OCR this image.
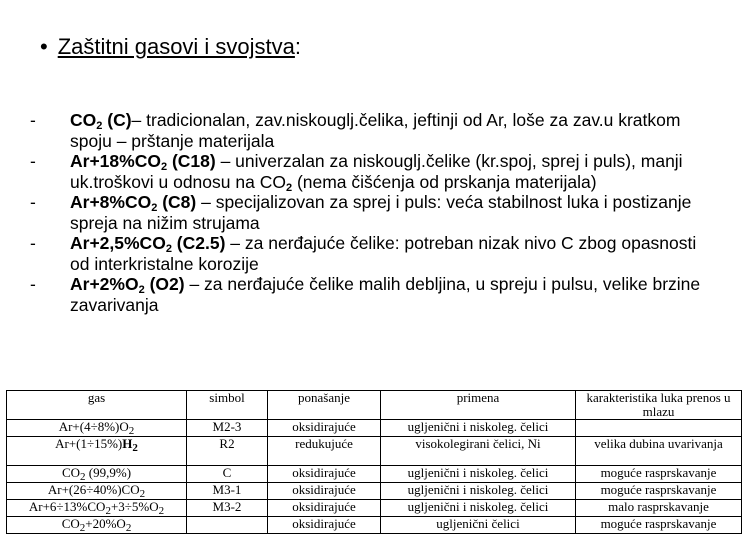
• Zaštitni gasovi i svojstva:
- $CO_2$ (C)– tradicionalan, zav.niskouglj.čelika, jeftinji od Ar, loše za zav.u kratkom spoju – prštanje materijala
- $Ar+18\%CO_2$ (C18) – univerzalan za niskouglj.čelike (kr.spoj, sprej i puls), manji uk.troškovi u odnosu na $CO_2$ (nema čišćenja od prskanja materijala)
- $Ar+8\%CO_2$ (C8) – specijalizovan za sprej i puls: veća stabilnost luka i postizanje spreja na nižim strujama
- $Ar+2,5\%CO_2$ (C2.5) – za nerđajuće čelike: potreban nizak nivo C zbog opasnosti od interkristalne korozije
- $Ar+2\%O_2$ (O2) – za nerđajuće čelike malih debljina, u spreju i pulsu, velike brzine zavarivanja
gas	simbol	ponašanje	primena	karakteristika luka prenos u mlazu
$Ar+(4\div 8\%)O_2$	M2-3	oksidirajuće	ugljenični i niskoleg. čelici	
$Ar+(1\div 15\%)H_2$	R2	redukujuće	visokolegirani čelici, Ni	velika dubina uvarivanja
$CO_2$ (99,9%)	C	oksidirajuće	ugljenični i niskoleg. čelici	moguće rasprskavanje
$Ar+(26\div 40\%)CO_2$	M3-1	oksidirajuće	ugljenični i niskoleg. čelici	moguće rasprskavanje
$Ar+6\div 13\%CO_2+3\div 5\%O_2$	M3-2	oksidirajuće	ugljenični i niskoleg. čelici	malo rasprskavanje
$CO_2+20\%O_2$		oksidirajuće	ugljenični čelici	moguće rasprskavanje
